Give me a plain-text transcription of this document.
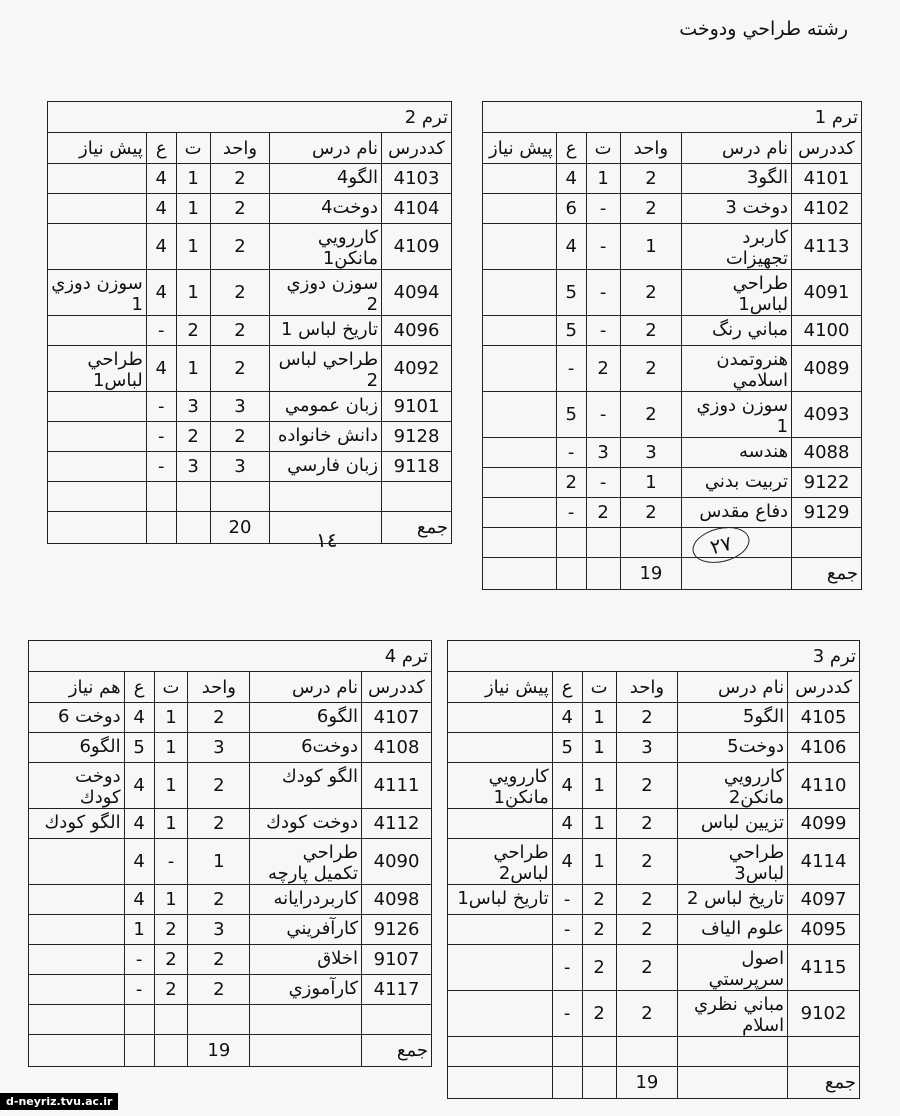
رشته طراحي ودوخت
ترم 1					
كددرس	نام درس	واحد	ت	ع	پيش نياز
4101	الگو3	2	1	4	
4102	دوخت 3	2	-	6	
4113	كاربرد تجهيزات	1	-	4	
4091	طراحي لباس1	2	-	5	
4100	مباني رنگ	2	-	5	
4089	هنروتمدن اسلامي	2	2	-	
4093	سوزن دوزي 1	2	-	5	
4088	هندسه	3	3	-	
9122	تربيت بدني	1	-	2	
9129	دفاع مقدس	2	2	-	

جمع		19			
ترم 2					
كددرس	نام درس	واحد	ت	ع	پيش نياز
4103	الگو4	2	1	4	
4104	دوخت4	2	1	4	
4109	كاررويي مانكن1	2	1	4	
4094	سوزن دوزي 2	2	1	4	سوزن دوزي 1
4096	تاريخ لباس 1	2	2	-	
4092	طراحي لباس 2	2	1	4	طراحي لباس1
9101	زبان عمومي	3	3	-	
9128	دانش خانواده	2	2	-	
9118	زبان فارسي	3	3	-	

جمع		20			
ترم 3					
كددرس	نام درس	واحد	ت	ع	پيش نياز
4105	الگو5	2	1	4	
4106	دوخت5	3	1	5	
4110	كاررويي مانكن2	2	1	4	كاررويي مانكن1
4099	تزيين لباس	2	1	4	
4114	طراحي لباس3	2	1	4	طراحي لباس2
4097	تاريخ لباس 2	2	2	-	تاريخ لباس1
4095	علوم الياف	2	2	-	
4115	اصول سرپرستي	2	2	-	
9102	مباني نظري اسلام	2	2	-	

جمع		19			
ترم 4					
كددرس	نام درس	واحد	ت	ع	هم نياز
4107	الگو6	2	1	4	دوخت 6
4108	دوخت6	3	1	5	الگو6
4111	الگو كودك	2	1	4	دوخت كودك
4112	دوخت كودك	2	1	4	الگو كودك
4090	طراحي تكميل پارچه	1	-	4	
4098	كاربردرايانه	2	1	4	
9126	كارآفريني	3	2	1	
9107	اخلاق	2	2	-	
4117	كارآموزي	2	2	-	

جمع		19			
١٤	٢٧
d-neyriz.tvu.ac.ir
